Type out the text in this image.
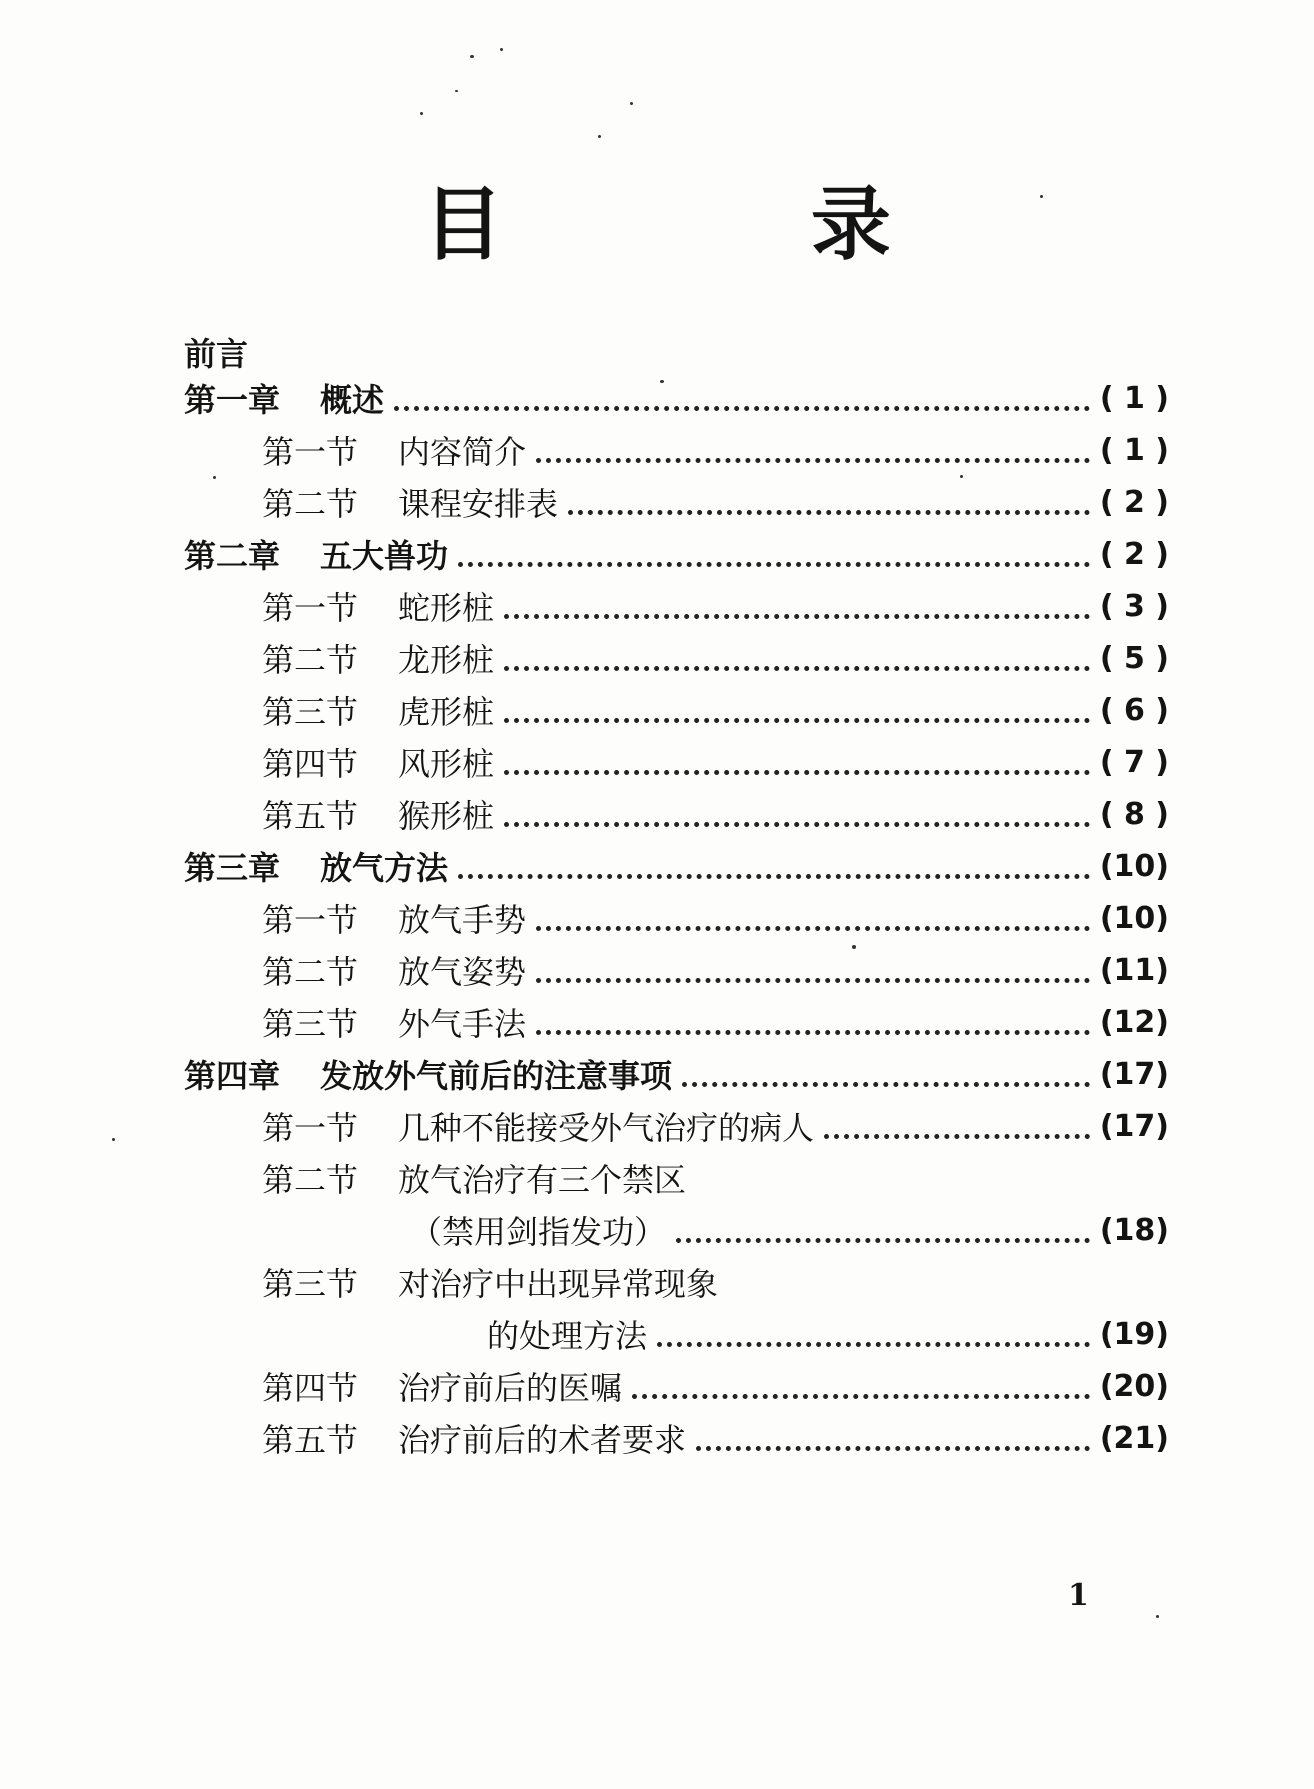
目 录
前言
第一章 概述	( 1 )
第一节 内容简介	( 1 )
第二节 课程安排表	( 2 )
第二章 五大兽功	( 2 )
第一节 蛇形桩	( 3 )
第二节 龙形桩	( 5 )
第三节 虎形桩	( 6 )
第四节 风形桩	( 7 )
第五节 猴形桩	( 8 )
第三章 放气方法	(10)
第一节 放气手势	(10)
第二节 放气姿势	(11)
第三节 外气手法	(12)
第四章 发放外气前后的注意事项	(17)
第一节 几种不能接受外气治疗的病人	(17)
第二节 放气治疗有三个禁区
（禁用剑指发功）	(18)
第三节 对治疗中出现异常现象
的处理方法	(19)
第四节 治疗前后的医嘱	(20)
第五节 治疗前后的术者要求	(21)
1
